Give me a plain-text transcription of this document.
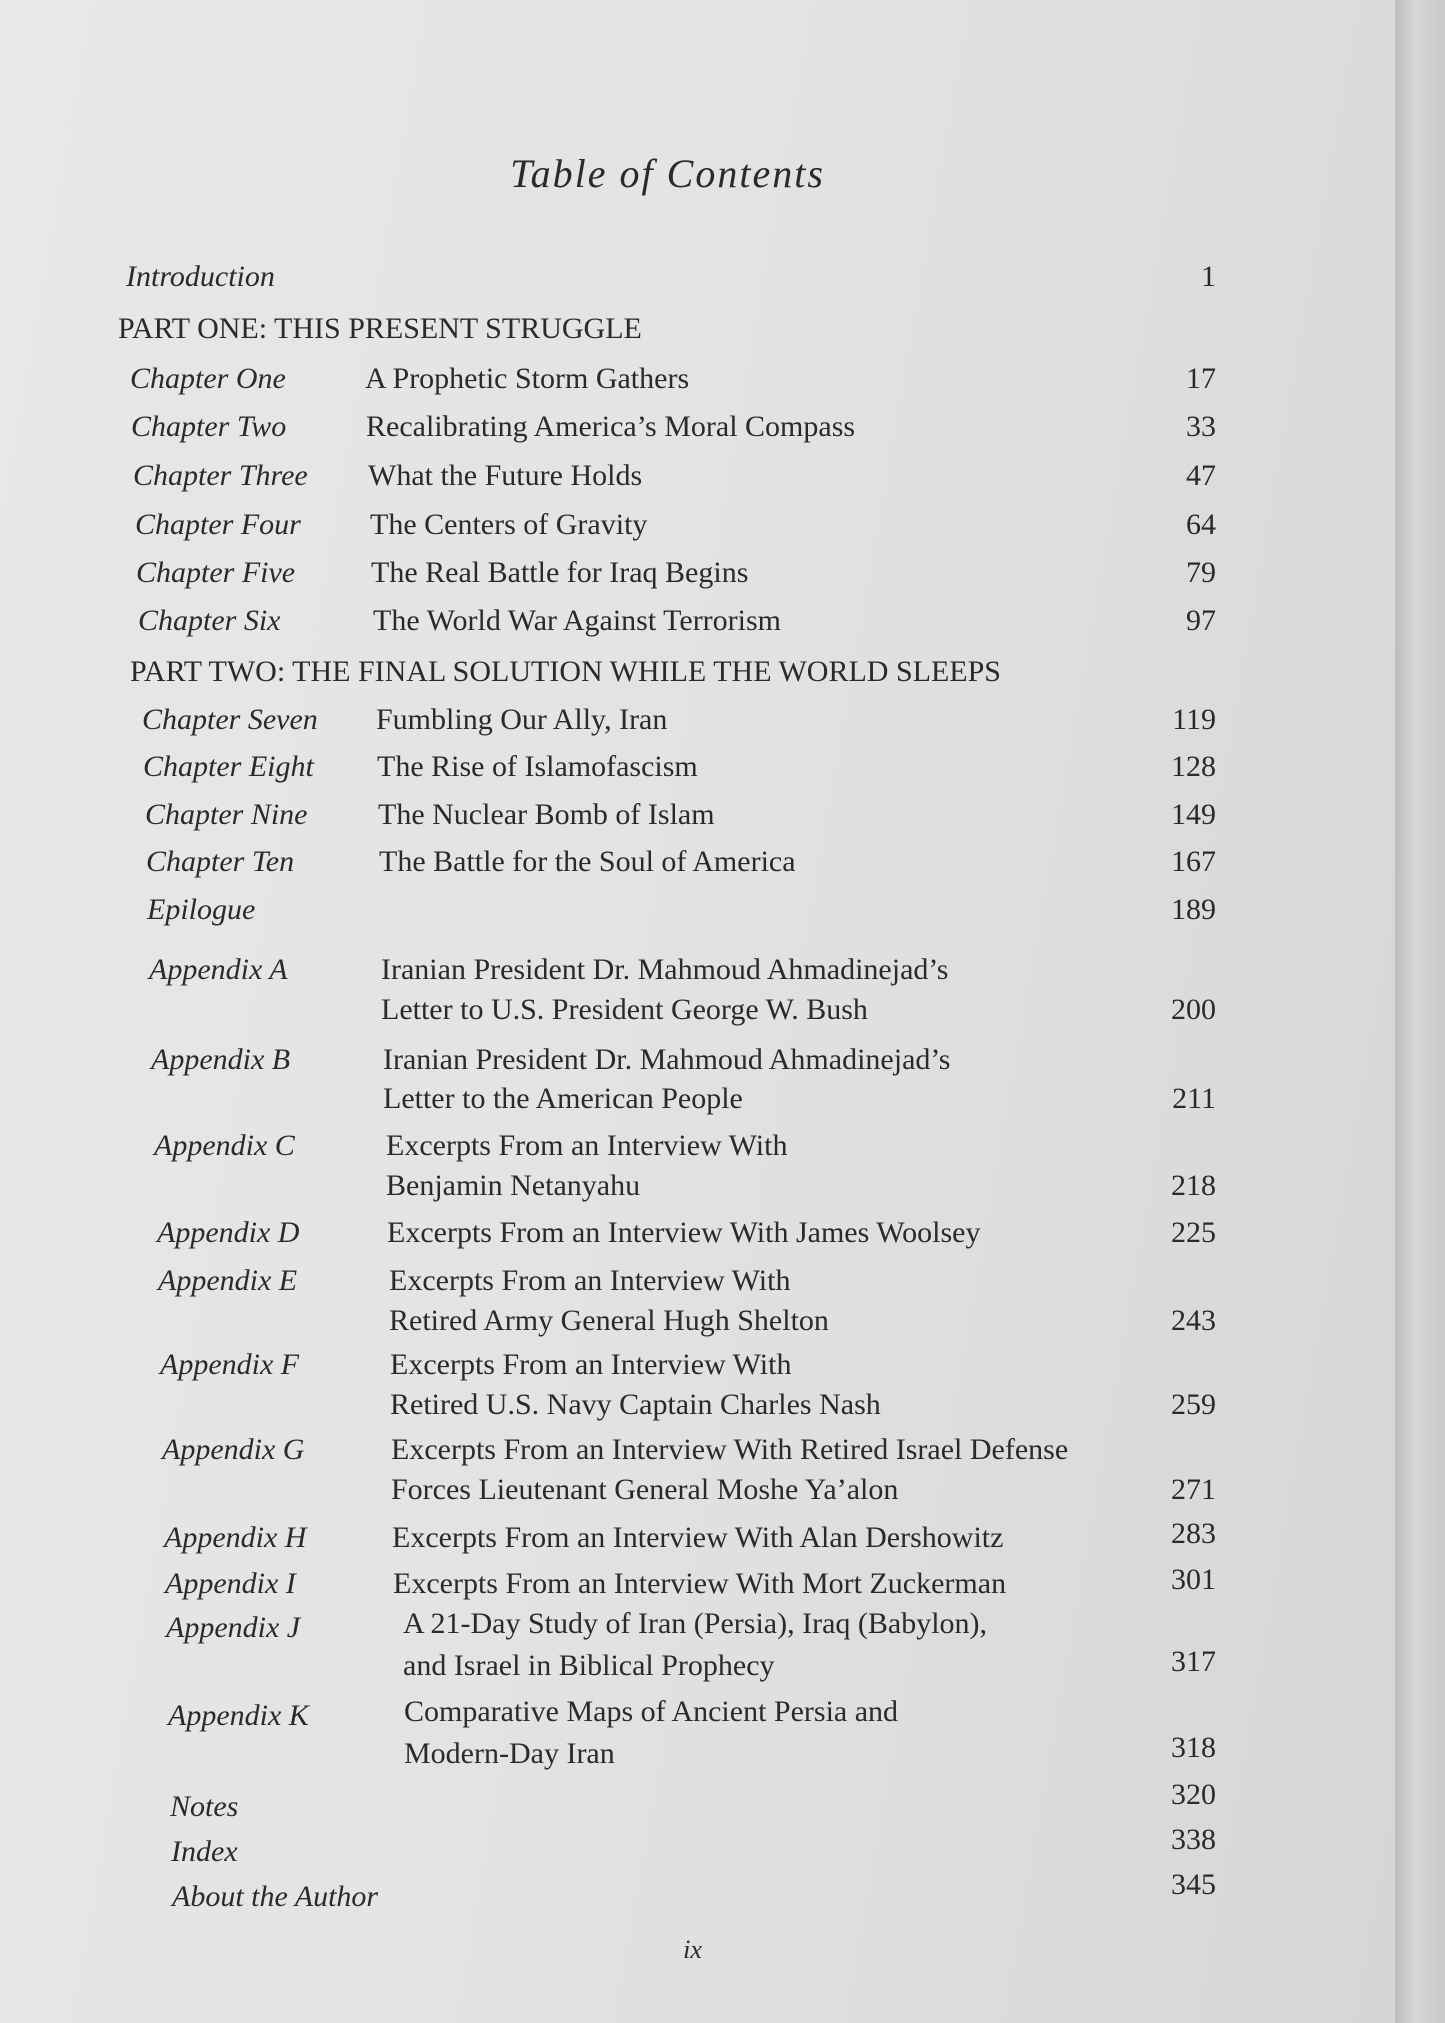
Table of Contents
Introduction	1
PART ONE: THIS PRESENT STRUGGLE
Chapter One	A Prophetic Storm Gathers	17
Chapter Two	Recalibrating America’s Moral Compass	33
Chapter Three What the Future Holds	47
Chapter Four The Centers of Gravity	64
Chapter Five	The Real Battle for Iraq Begins	79
Chapter Six	The World War Against Terrorism	97
PART TWO: THE FINAL SOLUTION WHILE THE WORLD SLEEPS
Chapter Seven Fumbling Our Ally, Iran	119
Chapter Eight The Rise of Islamofascism	128
Chapter Nine The Nuclear Bomb of Islam	149
Chapter Ten	The Battle for the Soul of America	167
Epilogue	189
Appendix A	Iranian President Dr. Mahmoud Ahmadinejad’s
Letter to U.S. President George W. Bush	200
Appendix B	Iranian President Dr. Mahmoud Ahmadinejad’s
Letter to the American People	211
Appendix C	Excerpts From an Interview With
Benjamin Netanyahu	218
Appendix D	Excerpts From an Interview With James Woolsey	225
Appendix E	Excerpts From an Interview With
Retired Army General Hugh Shelton	243
Appendix F	Excerpts From an Interview With
Retired U.S. Navy Captain Charles Nash	259
Appendix G	Excerpts From an Interview With Retired Israel Defense
Forces Lieutenant General Moshe Ya’alon	271
Appendix H	Excerpts From an Interview With Alan Dershowitz	283
Appendix I	Excerpts From an Interview With Mort Zuckerman	301
Appendix J	A 21-Day Study of Iran (Persia), Iraq (Babylon),
and Israel in Biblical Prophecy	317
Appendix K	Comparative Maps of Ancient Persia and
Modern-Day Iran	318
Notes	320
Index	338
About the Author	345
ix
